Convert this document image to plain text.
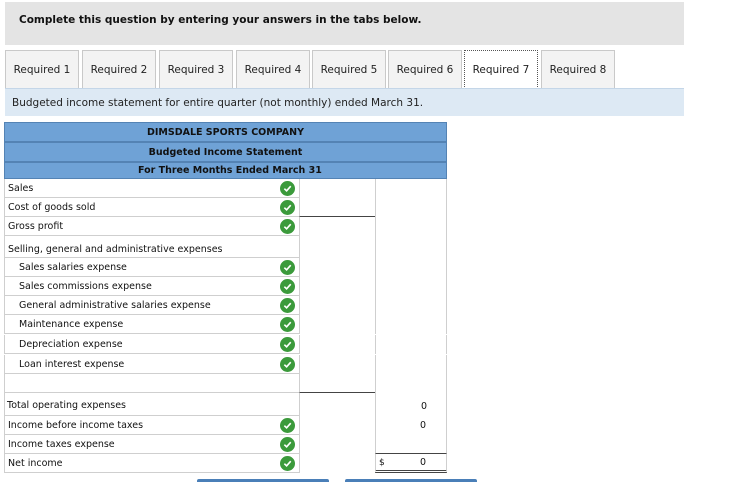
Complete this question by entering your answers in the tabs below.
Required 1	Required 2	Required 3	Required 4	Required 5	Required 6	Required 7	Required 8
Budgeted income statement for entire quarter (not monthly) ended March 31.
DIMSDALE SPORTS COMPANY
Budgeted Income Statement
For Three Months Ended March 31
Sales
Cost of goods sold
Gross profit
Selling, general and administrative expenses
Sales salaries expense
Sales commissions expense
General administrative salaries expense
Maintenance expense
Depreciation expense
Loan interest expense
Total operating expenses	0
Income before income taxes	0
Income taxes expense
Net income	$	0
